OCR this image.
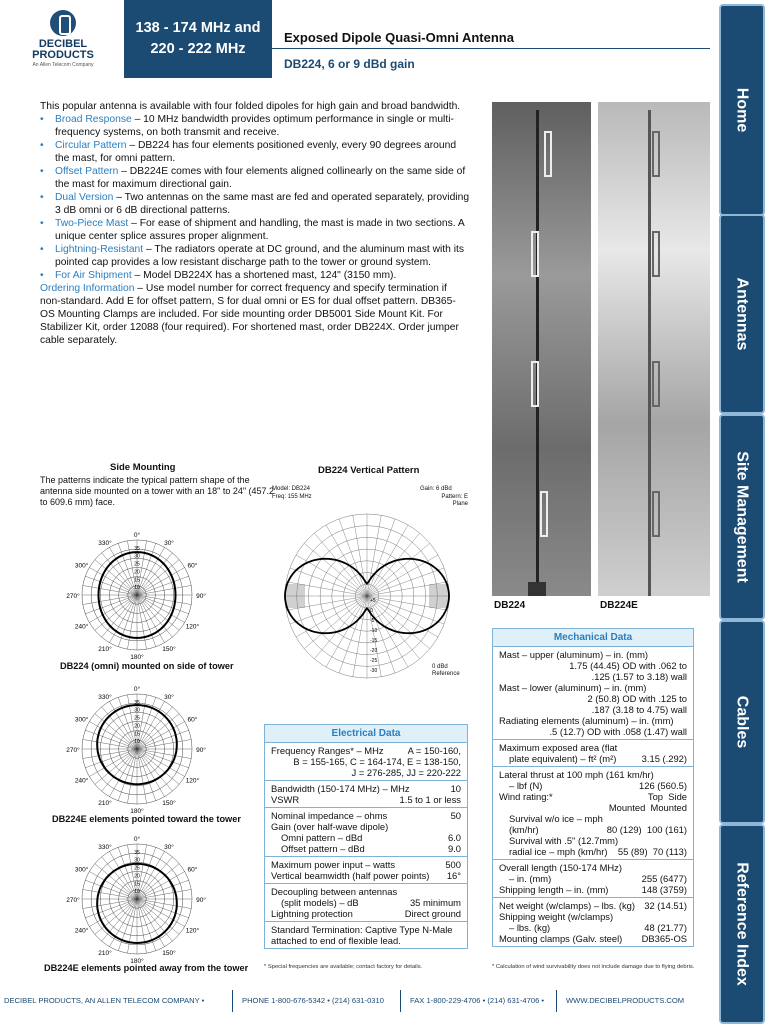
DECIBEL
PRODUCTS
An Allen Telecom Company
138 - 174 MHz and
220 - 222 MHz
Exposed Dipole Quasi-Omni Antenna
DB224, 6 or 9 dBd gain
Home
Antennas
Site Management
Cables
Reference Index

This popular antenna is available with four folded dipoles for high gain and broad bandwidth.

• Broad Response – 10 MHz bandwidth provides optimum performance in single or multi-frequency systems, on both transmit and receive.
• Circular Pattern – DB224 has four elements positioned evenly, every 90 degrees around the mast, for omni pattern.
• Offset Pattern – DB224E comes with four elements aligned collinearly on the same side of the mast for maximum directional gain.
• Dual Version – Two antennas on the same mast are fed and operated separately, providing 3 dB omni or 6 dB directional patterns.
• Two-Piece Mast – For ease of shipment and handling, the mast is made in two sections. A unique center splice assures proper alignment.
• Lightning-Resistant – The radiators operate at DC ground, and the aluminum mast with its pointed cap provides a low resistant discharge path to the tower or ground system.
• For Air Shipment – Model DB224X has a shortened mast, 124" (3150 mm).

Ordering Information – Use model number for correct frequency and specify termination if non-standard. Add E for offset pattern, S for dual omni or ES for dual offset pattern. DB365-OS Mounting Clamps are included. For side mounting order DB5001 Side Mount Kit. For Stabilizer Kit, order 12088 (four required). For shortened mast, order DB224X. Order jumper cable separately.

DB224	DB224E
Side Mounting
The patterns indicate the typical pattern shape of the antenna side mounted on a tower with an 18" to 24" (457.2 to 609.6 mm) face.
330°	30°
300°	60°
270°	90°
240°	120°
210°
180°
150°
0°
10
15
20
25
30
35
DB224 (omni) mounted on side of tower
330°	30°
300°	60°
270°	90°
240°	120°
210°
180°
150°
0°
10
15
20
25
30
35
DB224E elements pointed toward the tower
330°	30°
300°	60°
270°	90°
240°	120°
210°
180°
150°
0°
10
15
20
25
30
35
DB224E elements pointed away from the tower
DB224 Vertical Pattern
Model: DB224
Freq: 155 MHz
Gain: 6 dBd
Pattern: E Plane
0 dBd Reference
+5
0
-5
-10
-15
-20
-25
-30
Electrical Data
Frequency Ranges* – MHz	A = 150-160,
B = 155-165, C = 164-174, E = 138-150,
J = 276-285, JJ = 220-222
Bandwidth (150-174 MHz) – MHz	10
VSWR	1.5 to 1 or less
Nominal impedance – ohms	50
Gain (over half-wave dipole)
Omni pattern – dBd	6.0
Offset pattern – dBd	9.0
Maximum power input – watts	500
Vertical beamwidth (half power points) 16°
Decoupling between antennas
(split models) – dB	35 minimum
Lightning protection	Direct ground
Standard Termination: Captive Type N-Male
attached to end of flexible lead.
* Special frequencies are available; contact factory for details.
Mechanical Data
Mast – upper (aluminum) – in. (mm)
1.75 (44.45) OD with .062 to
.125 (1.57 to 3.18) wall
Mast – lower (aluminum) – in. (mm)
2 (50.8) OD with .125 to
.187 (3.18 to 4.75) wall
Radiating elements (aluminum) – in. (mm)
.5 (12.7) OD with .058 (1.47) wall
Maximum exposed area (flat
plate equivalent) – ft² (m²)	3.15 (.292)
Lateral thrust at 100 mph (161 km/hr)
– lbf (N)	126 (560.5)
Wind rating:*	Top  Side
Mounted  Mounted
Survival w/o ice – mph
(km/hr)	80 (129)  100 (161)
Survival with .5" (12.7mm)
radial ice – mph (km/hr) 55 (89)  70 (113)
Overall length (150-174 MHz)
– in. (mm)	255 (6477)
Shipping length – in. (mm)	148 (3759)
Net weight (w/clamps) – lbs. (kg) 32 (14.51)
Shipping weight (w/clamps)
– lbs. (kg)	48 (21.77)
Mounting clamps (Galv. steel) DB365-OS
* Calculation of wind survivability does not include damage due to flying debris.
DECIBEL PRODUCTS, AN ALLEN TELECOM COMPANY •	PHONE 1-800-676-5342 • (214) 631-0310	FAX 1-800-229-4706 • (214) 631-4706 •	WWW.DECIBELPRODUCTS.COM
